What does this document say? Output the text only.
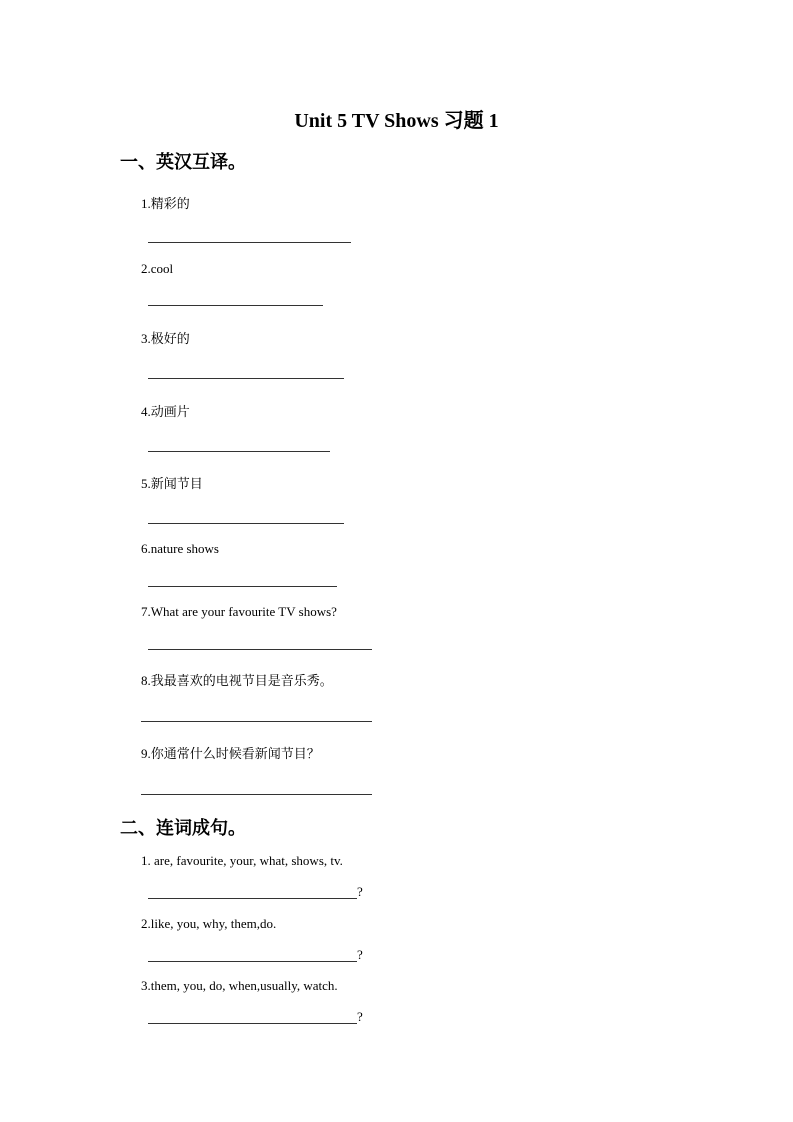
Unit 5 TV Shows 习题 1
一、英汉互译。
1.精彩的
2.cool
3.极好的
4.动画片
5.新闻节目
6.nature shows
7.What are your favourite TV shows?
8.我最喜欢的电视节目是音乐秀。
9.你通常什么时候看新闻节目？
二、连词成句。
1. are, favourite, your, what, shows, tv.
?
2.like, you, why, them,do.
?
3.them, you, do, when,usually, watch.
?
